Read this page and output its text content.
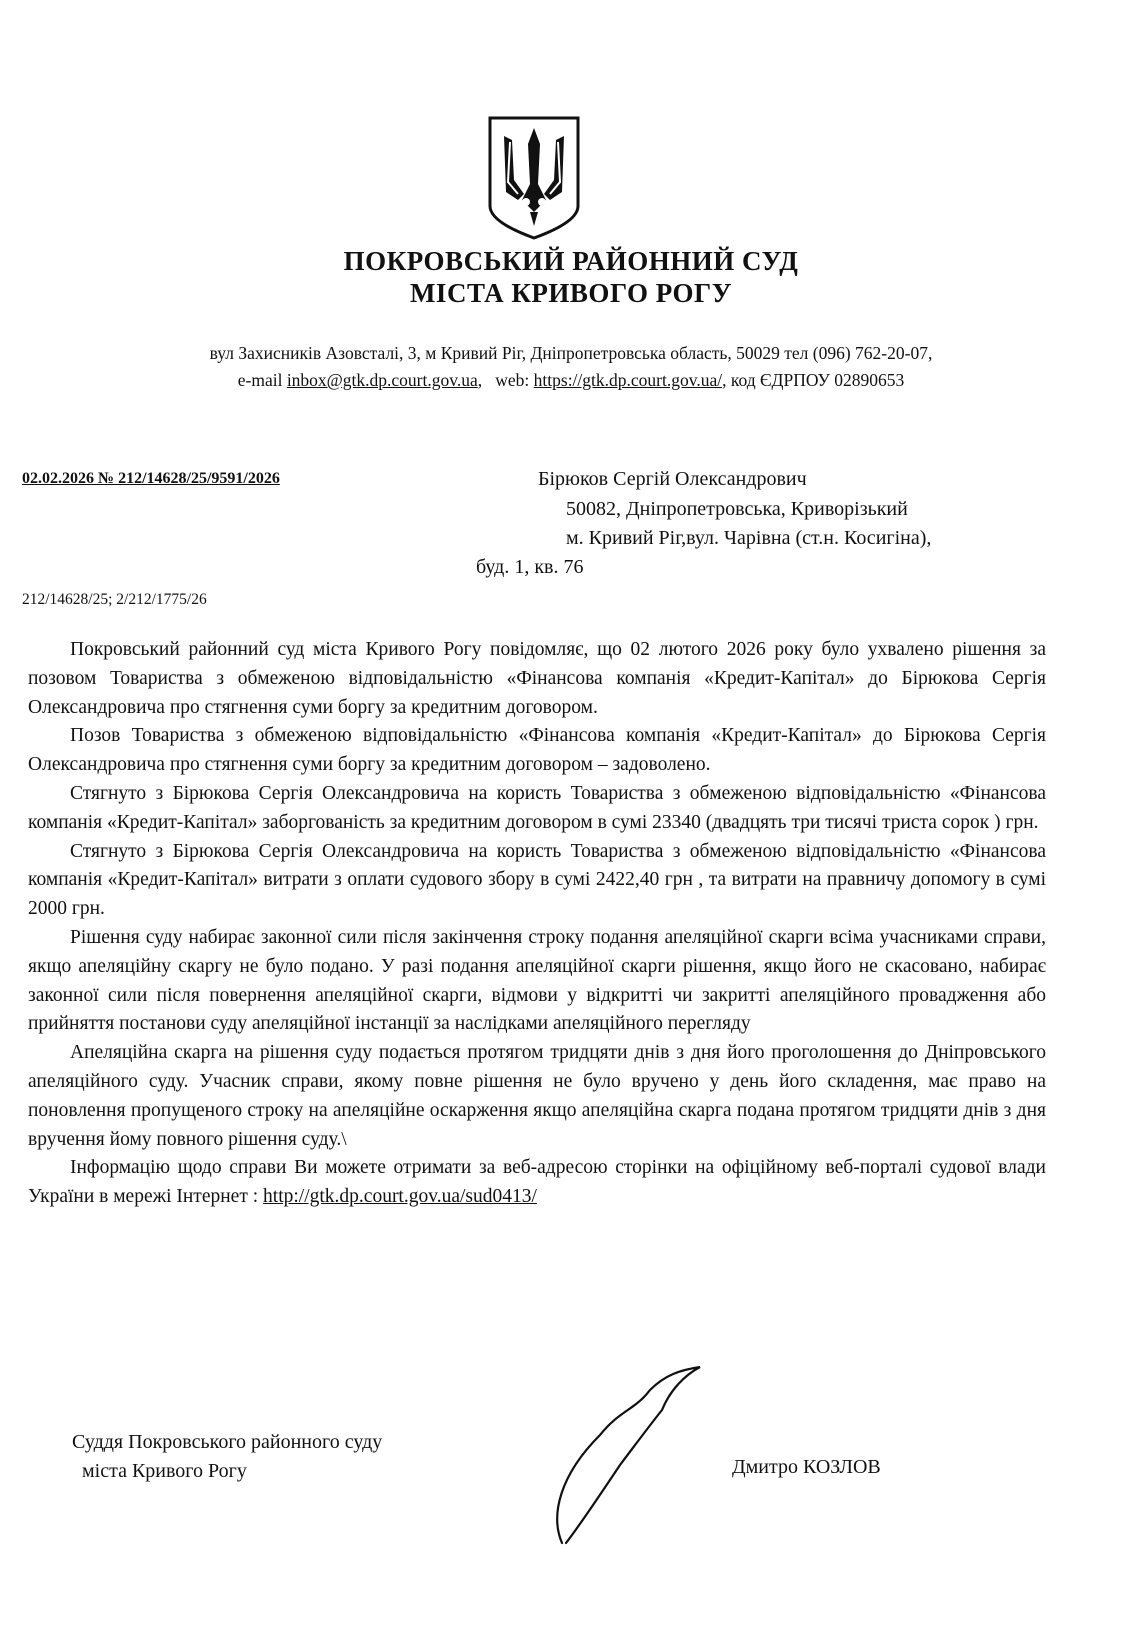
ПОКРОВСЬКИЙ РАЙОННИЙ СУД
МІСТА КРИВОГО РОГУ
вул Захисників Азовсталі, 3, м Кривий Ріг, Дніпропетровська область, 50029 тел (096) 762-20-07,
e-mail inbox@gtk.dp.court.gov.ua,   web: https://gtk.dp.court.gov.ua/, код ЄДРПОУ 02890653
02.02.2026 № 212/14628/25/9591/2026
212/14628/25; 2/212/1775/26
Бірюков Сергій Олександрович
50082, Дніпропетровська, Криворізький
м. Кривий Ріг,вул. Чарівна (ст.н. Косигіна),
буд. 1, кв. 76

Покровський районний суд міста Кривого Рогу повідомляє, що 02 лютого 2026 року було ухвалено рішення за позовом Товариства з обмеженою відповідальністю «Фінансова компанія «Кредит-Капітал» до Бірюкова Сергія Олександровича про стягнення суми боргу за кредитним договором.

Позов Товариства з обмеженою відповідальністю «Фінансова компанія «Кредит-Капітал» до Бірюкова Сергія Олександровича про стягнення суми боргу за кредитним договором – задоволено.

Стягнуто з Бірюкова Сергія Олександровича на користь Товариства з обмеженою відповідальністю «Фінансова компанія «Кредит-Капітал» заборгованість за кредитним договором в сумі 23340 (двадцять три тисячі триста сорок ) грн.

Стягнуто з Бірюкова Сергія Олександровича на користь Товариства з обмеженою відповідальністю «Фінансова компанія «Кредит-Капітал» витрати з оплати судового збору в сумі 2422,40 грн , та витрати на правничу допомогу в сумі 2000 грн.

Рішення суду набирає законної сили після закінчення строку подання апеляційної скарги всіма учасниками справи, якщо апеляційну скаргу не було подано. У разі подання апеляційної скарги рішення, якщо його не скасовано, набирає законної сили після повернення апеляційної скарги, відмови у відкритті чи закритті апеляційного провадження або прийняття постанови суду апеляційної інстанції за наслідками апеляційного перегляду

Апеляційна скарга на рішення суду подається протягом тридцяти днів з дня його проголошення до Дніпровського апеляційного суду. Учасник справи, якому повне рішення не було вручено у день його складення, має право на поновлення пропущеного строку на апеляційне оскарження якщо апеляційна скарга подана протягом тридцяти днів з дня вручення йому повного рішення суду.\

Інформацію щодо справи Ви можете отримати за веб-адресою сторінки на офіційному веб-порталі судової влади України в мережі Інтернет : http://gtk.dp.court.gov.ua/sud0413/

Суддя Покровського районного суду
міста Кривого Рогу	Дмитро КОЗЛОВ
